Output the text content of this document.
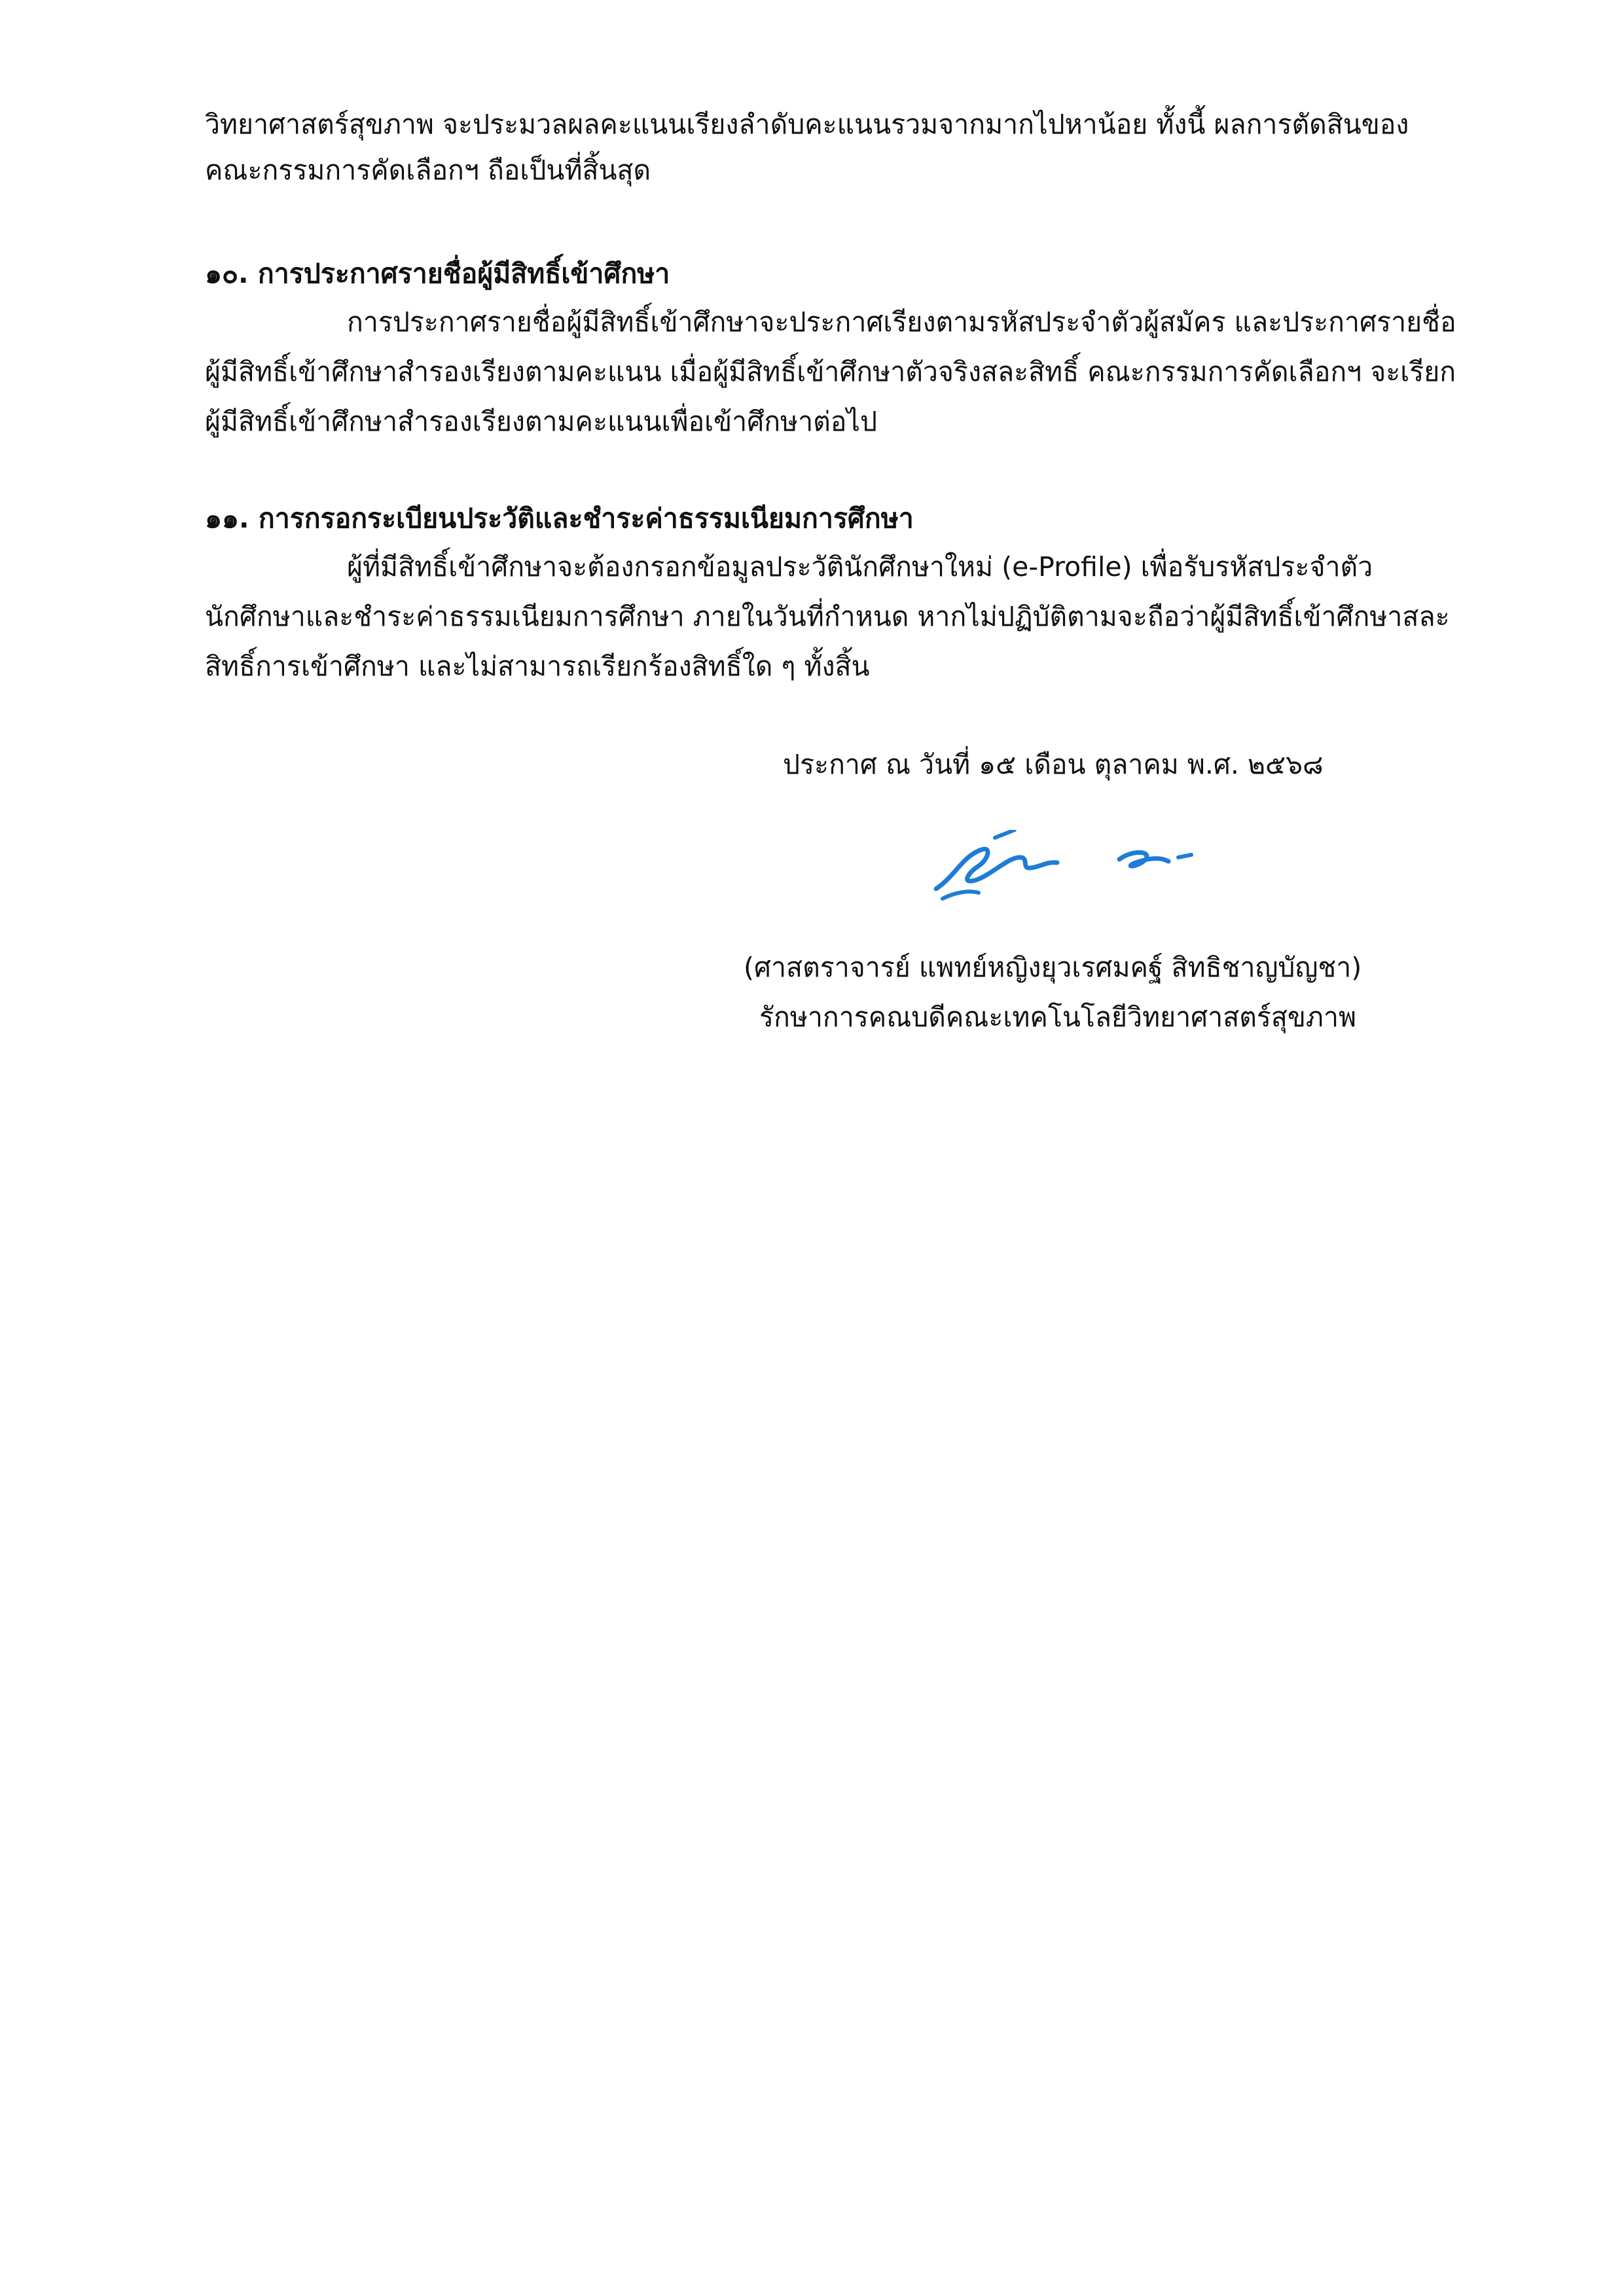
วิทยาศาสตร์สุขภาพ จะประมวลผลคะแนนเรียงลำดับคะแนนรวมจากมากไปหาน้อย ทั้งนี้ ผลการตัดสินของ
คณะกรรมการคัดเลือกฯ ถือเป็นที่สิ้นสุด
๑๐. การประกาศรายชื่อผู้มีสิทธิ์เข้าศึกษา
การประกาศรายชื่อผู้มีสิทธิ์เข้าศึกษาจะประกาศเรียงตามรหัสประจำตัวผู้สมัคร และประกาศรายชื่อ
ผู้มีสิทธิ์เข้าศึกษาสำรองเรียงตามคะแนน เมื่อผู้มีสิทธิ์เข้าศึกษาตัวจริงสละสิทธิ์ คณะกรรมการคัดเลือกฯ จะเรียก
ผู้มีสิทธิ์เข้าศึกษาสำรองเรียงตามคะแนนเพื่อเข้าศึกษาต่อไป
๑๑. การกรอกระเบียนประวัติและชำระค่าธรรมเนียมการศึกษา
ผู้ที่มีสิทธิ์เข้าศึกษาจะต้องกรอกข้อมูลประวัตินักศึกษาใหม่ (e-Profile) เพื่อรับรหัสประจำตัว
นักศึกษาและชำระค่าธรรมเนียมการศึกษา ภายในวันที่กำหนด หากไม่ปฏิบัติตามจะถือว่าผู้มีสิทธิ์เข้าศึกษาสละ
สิทธิ์การเข้าศึกษา และไม่สามารถเรียกร้องสิทธิ์ใด ๆ ทั้งสิ้น
ประกาศ ณ วันที่ ๑๕ เดือน ตุลาคม พ.ศ. ๒๕๖๘
(ศาสตราจารย์ แพทย์หญิงยุวเรศมคฐ์ สิทธิชาญบัญชา)
รักษาการคณบดีคณะเทคโนโลยีวิทยาศาสตร์สุขภาพ
